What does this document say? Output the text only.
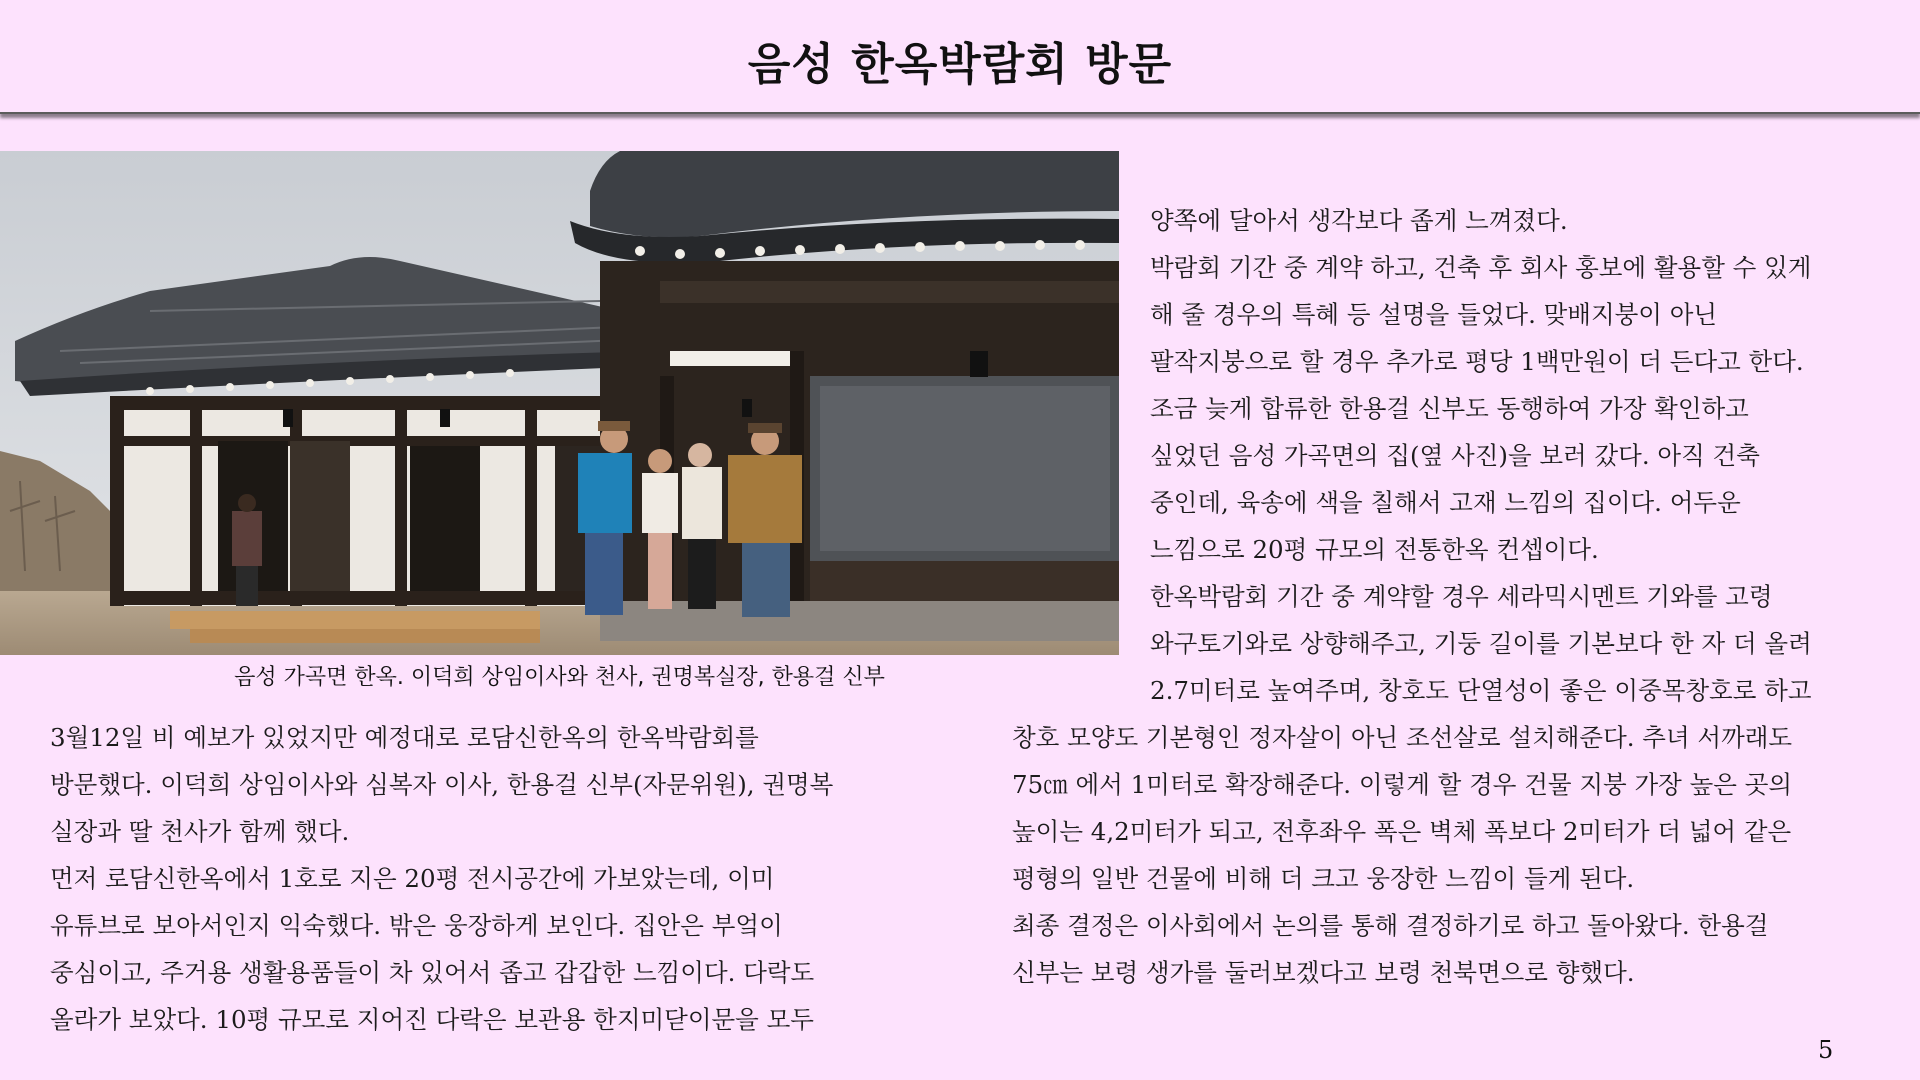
음성 한옥박람회 방문
음성 가곡면 한옥. 이덕희 상임이사와 천사, 권명복실장, 한용걸 신부
양쪽에 달아서 생각보다 좁게 느껴졌다.
박람회 기간 중 계약 하고, 건축 후 회사 홍보에 활용할 수 있게
해 줄 경우의 특혜 등 설명을 들었다. 맞배지붕이 아닌
팔작지붕으로 할 경우 추가로 평당 1백만원이 더 든다고 한다.
조금 늦게 합류한 한용걸 신부도 동행하여 가장 확인하고
싶었던 음성 가곡면의 집(옆 사진)을 보러 갔다. 아직 건축
중인데, 육송에 색을 칠해서 고재 느낌의 집이다. 어두운
느낌으로 20평 규모의 전통한옥 컨셉이다.
한옥박람회 기간 중 계약할 경우 세라믹시멘트 기와를 고령
와구토기와로 상향해주고, 기둥 길이를 기본보다 한 자 더 올려
2.7미터로 높여주며, 창호도 단열성이 좋은 이중목창호로 하고
창호 모양도 기본형인 정자살이 아닌 조선살로 설치해준다. 추녀 서까래도
75㎝ 에서 1미터로 확장해준다. 이렇게 할 경우 건물 지붕 가장 높은 곳의
높이는 4,2미터가 되고, 전후좌우 폭은 벽체 폭보다 2미터가 더 넓어 같은
평형의 일반 건물에 비해 더 크고 웅장한 느낌이 들게 된다.
최종 결정은 이사회에서 논의를 통해 결정하기로 하고 돌아왔다. 한용걸
신부는 보령 생가를 둘러보겠다고 보령 천북면으로 향했다.
3월12일 비 예보가 있었지만 예정대로 로담신한옥의 한옥박람회를
방문했다. 이덕희 상임이사와 심복자 이사, 한용걸 신부(자문위원), 권명복
실장과 딸 천사가 함께 했다.
먼저 로담신한옥에서 1호로 지은 20평 전시공간에 가보았는데, 이미
유튜브로 보아서인지 익숙했다. 밖은 웅장하게 보인다. 집안은 부엌이
중심이고, 주거용 생활용품들이 차 있어서 좁고 갑갑한 느낌이다. 다락도
올라가 보았다. 10평 규모로 지어진 다락은 보관용 한지미닫이문을 모두
5
